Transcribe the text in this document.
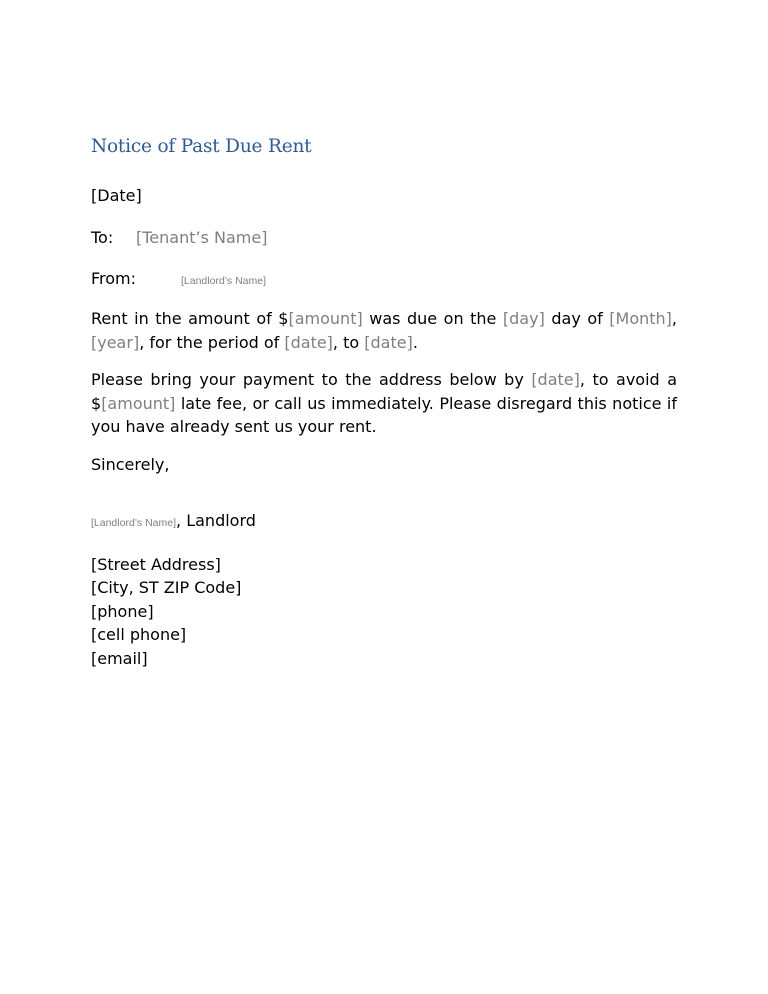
Notice of Past Due Rent

[Date]

To: [Tenant’s Name]

From:	[Landlord’s Name]

Rent in the amount of $[amount] was due on the [day] day of [Month], [year], for the period of [date], to [date].

Please bring your payment to the address below by [date], to avoid a $[amount] late fee, or call us immediately. Please disregard this notice if you have already sent us your rent.

Sincerely,

[Landlord’s Name], Landlord

[Street Address]

[City, ST ZIP Code]

[phone]

[cell phone]

[email]
